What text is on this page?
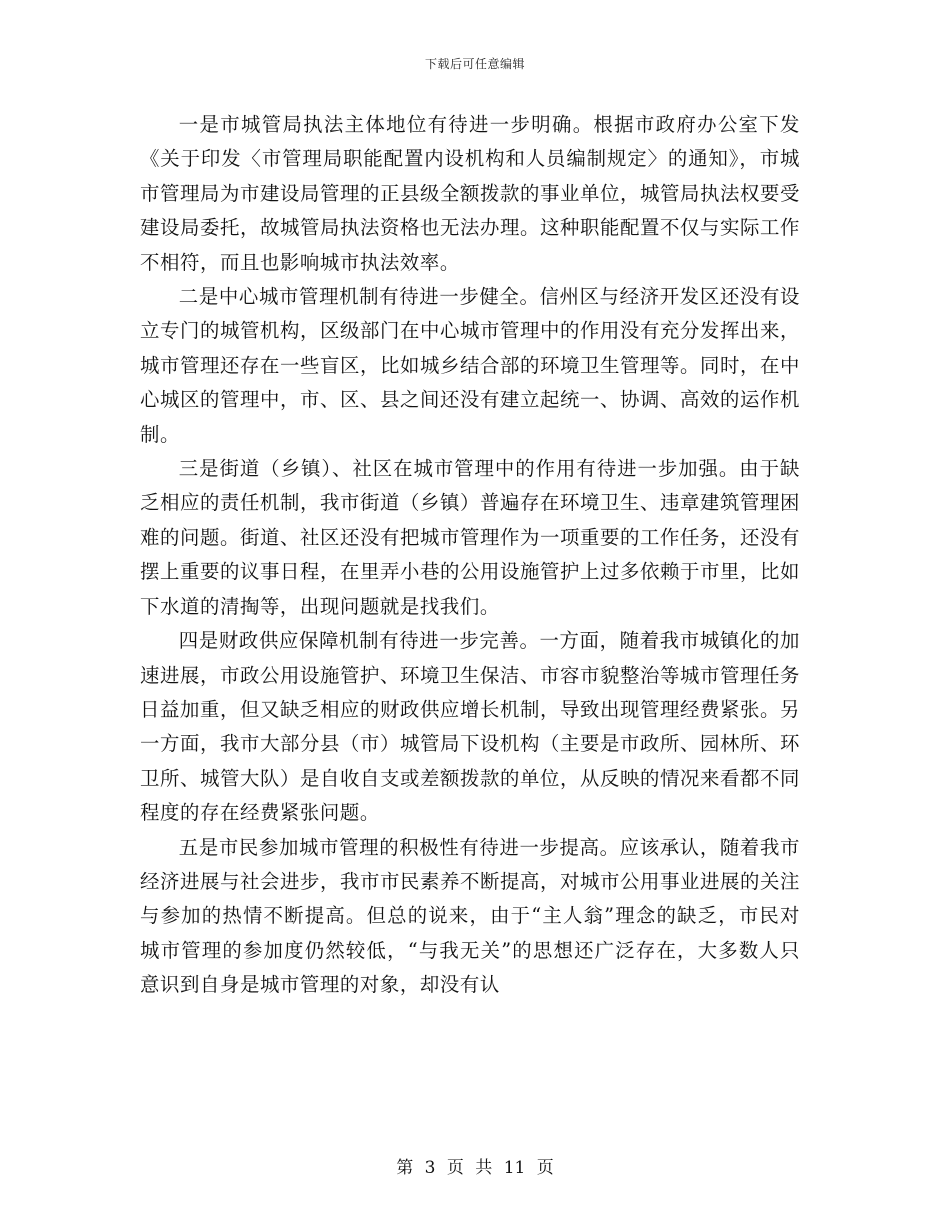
下载后可任意编辑

一是市城管局执法主体地位有待进一步明确。根据市政府办公室下发《关于印发〈市管理局职能配置内设机构和人员编制规定〉的通知》，市城市管理局为市建设局管理的正县级全额拨款的事业单位，城管局执法权要受建设局委托，故城管局执法资格也无法办理。这种职能配置不仅与实际工作不相符，而且也影响城市执法效率。

二是中心城市管理机制有待进一步健全。信州区与经济开发区还没有设立专门的城管机构，区级部门在中心城市管理中的作用没有充分发挥出来，城市管理还存在一些盲区，比如城乡结合部的环境卫生管理等。同时，在中心城区的管理中，市、区、县之间还没有建立起统一、协调、高效的运作机制。

三是街道（乡镇）、社区在城市管理中的作用有待进一步加强。由于缺乏相应的责任机制，我市街道（乡镇）普遍存在环境卫生、违章建筑管理困难的问题。街道、社区还没有把城市管理作为一项重要的工作任务，还没有摆上重要的议事日程，在里弄小巷的公用设施管护上过多依赖于市里，比如下水道的清掏等，出现问题就是找我们。

四是财政供应保障机制有待进一步完善。一方面，随着我市城镇化的加速进展，市政公用设施管护、环境卫生保洁、市容市貌整治等城市管理任务日益加重，但又缺乏相应的财政供应增长机制，导致出现管理经费紧张。另一方面，我市大部分县（市）城管局下设机构（主要是市政所、园林所、环卫所、城管大队）是自收自支或差额拨款的单位，从反映的情况来看都不同程度的存在经费紧张问题。

五是市民参加城市管理的积极性有待进一步提高。应该承认，随着我市经济进展与社会进步，我市市民素养不断提高，对城市公用事业进展的关注与参加的热情不断提高。但总的说来，由于“主人翁”理念的缺乏，市民对城市管理的参加度仍然较低，“与我无关”的思想还广泛存在，大多数人只意识到自身是城市管理的对象，却没有认

第 3 页 共 11 页
